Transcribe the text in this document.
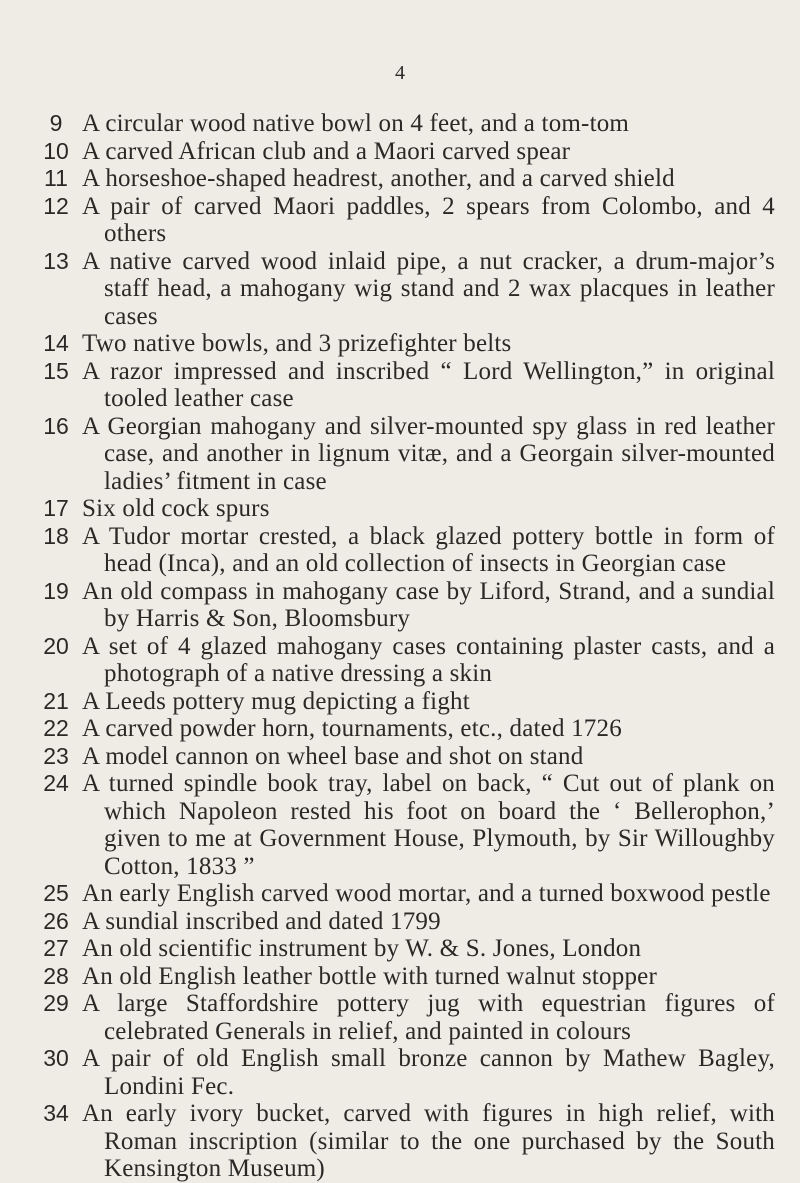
4
9 A circular wood native bowl on 4 feet, and a tom-tom
10 A carved African club and a Maori carved spear
11 A horseshoe-shaped headrest, another, and a carved shield
12 A pair of carved Maori paddles, 2 spears from Colombo, and 4 others
13 A native carved wood inlaid pipe, a nut cracker, a drum-major’s staff head, a mahogany wig stand and 2 wax placques in leather cases
14 Two native bowls, and 3 prizefighter belts
15 A razor impressed and inscribed “ Lord Wellington,” in original tooled leather case
16 A Georgian mahogany and silver-mounted spy glass in red leather case, and another in lignum vitæ, and a Georgain silver-mounted ladies’ fitment in case
17 Six old cock spurs
18 A Tudor mortar crested, a black glazed pottery bottle in form of head (Inca), and an old collection of insects in Georgian case
19 An old compass in mahogany case by Liford, Strand, and a sundial by Harris & Son, Bloomsbury
20 A set of 4 glazed mahogany cases containing plaster casts, and a photograph of a native dressing a skin
21 A Leeds pottery mug depicting a fight
22 A carved powder horn, tournaments, etc., dated 1726
23 A model cannon on wheel base and shot on stand
24 A turned spindle book tray, label on back, “ Cut out of plank on which Napoleon rested his foot on board the ‘ Bellerophon,’ given to me at Government House, Plymouth, by Sir Willoughby Cotton, 1833 ”
25 An early English carved wood mortar, and a turned boxwood pestle
26 A sundial inscribed and dated 1799
27 An old scientific instrument by W. & S. Jones, London
28 An old English leather bottle with turned walnut stopper
29 A large Staffordshire pottery jug with equestrian figures of celebrated Generals in relief, and painted in colours
30 A pair of old English small bronze cannon by Mathew Bagley, Londini Fec.
34 An early ivory bucket, carved with figures in high relief, with Roman inscription (similar to the one purchased by the South Kensington Museum)
